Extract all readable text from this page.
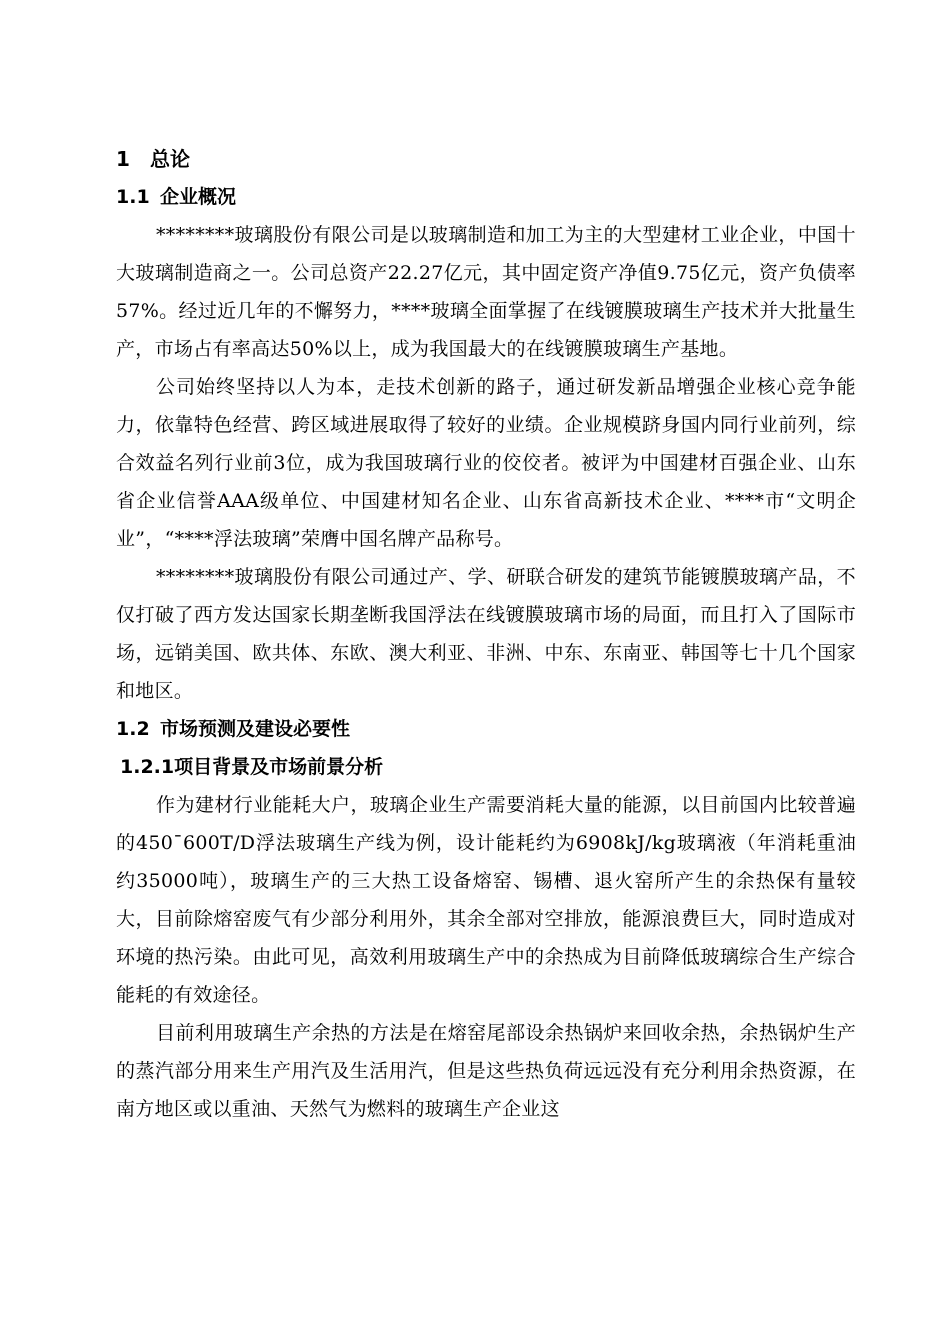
1 总论
1.1 企业概况

********玻璃股份有限公司是以玻璃制造和加工为主的大型建材工业企业，中国十大玻璃制造商之一。公司总资产22.27亿元，其中固定资产净值9.75亿元，资产负债率57%。经过近几年的不懈努力，****玻璃全面掌握了在线镀膜玻璃生产技术并大批量生产，市场占有率高达50%以上，成为我国最大的在线镀膜玻璃生产基地。

公司始终坚持以人为本，走技术创新的路子，通过研发新品增强企业核心竞争能力，依靠特色经营、跨区域进展取得了较好的业绩。企业规模跻身国内同行业前列，综合效益名列行业前3位，成为我国玻璃行业的佼佼者。被评为中国建材百强企业、山东省企业信誉AAA级单位、中国建材知名企业、山东省高新技术企业、****市“文明企业”，“****浮法玻璃”荣膺中国名牌产品称号。

********玻璃股份有限公司通过产、学、研联合研发的建筑节能镀膜玻璃产品，不仅打破了西方发达国家长期垄断我国浮法在线镀膜玻璃市场的局面，而且打入了国际市场，远销美国、欧共体、东欧、澳大利亚、非洲、中东、东南亚、韩国等七十几个国家和地区。

1.2 市场预测及建设必要性
1.2.1项目背景及市场前景分析

作为建材行业能耗大户，玻璃企业生产需要消耗大量的能源，以目前国内比较普遍的450¯600T/D浮法玻璃生产线为例，设计能耗约为6908kJ/kg玻璃液（年消耗重油约35000吨），玻璃生产的三大热工设备熔窑、锡槽、退火窑所产生的余热保有量较大，目前除熔窑废气有少部分利用外，其余全部对空排放，能源浪费巨大，同时造成对环境的热污染。由此可见，高效利用玻璃生产中的余热成为目前降低玻璃综合生产综合能耗的有效途径。

目前利用玻璃生产余热的方法是在熔窑尾部设余热锅炉来回收余热，余热锅炉生产的蒸汽部分用来生产用汽及生活用汽，但是这些热负荷远远没有充分利用余热资源，在南方地区或以重油、天然气为燃料的玻璃生产企业这
